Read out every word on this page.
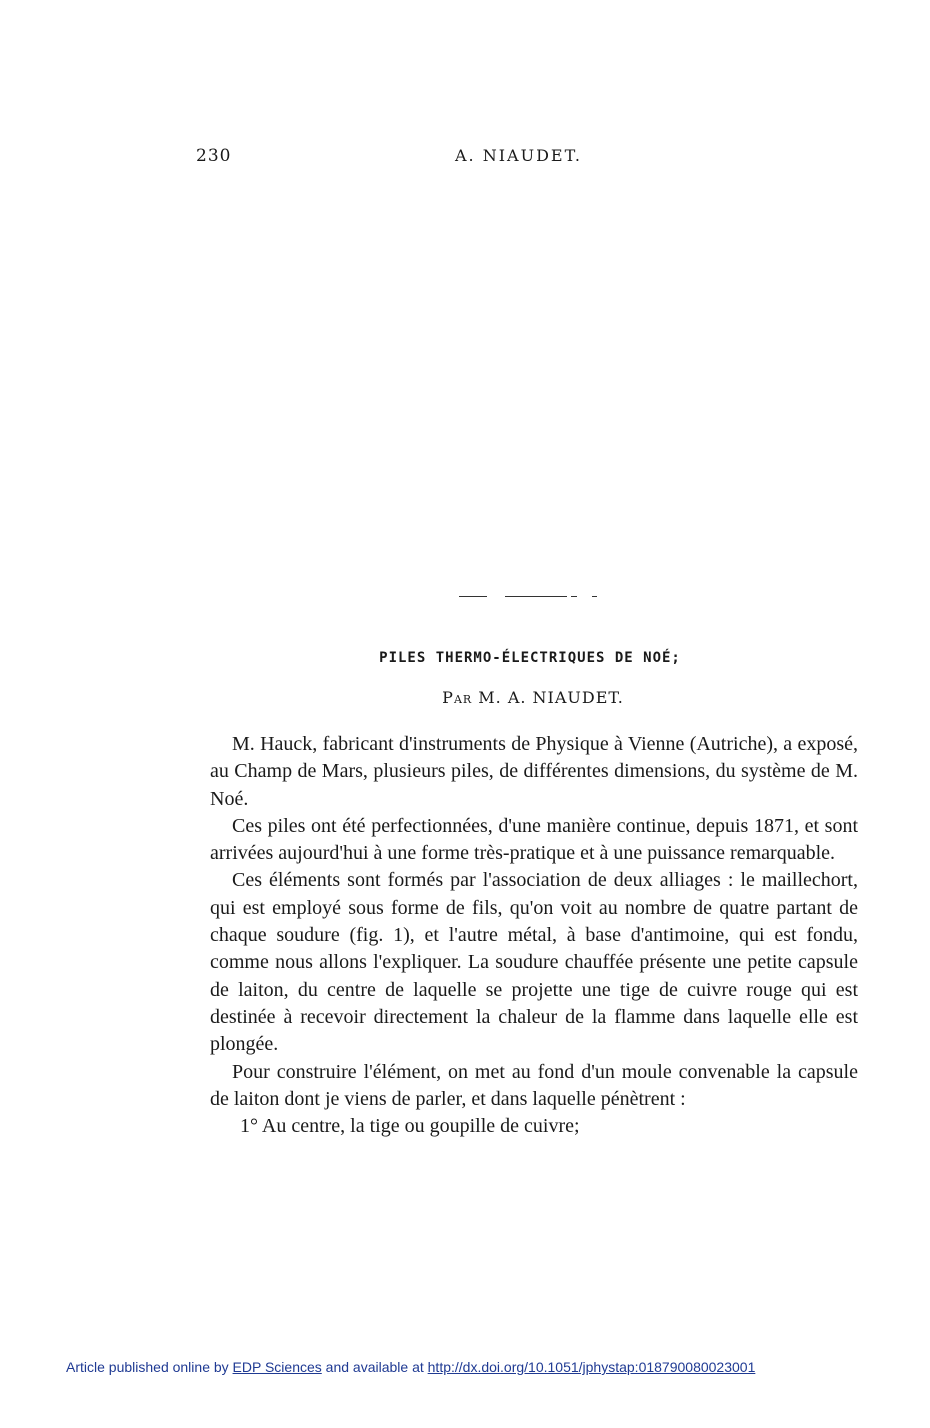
230	A. NIAUDET.
PILES THERMO-ÉLECTRIQUES DE NOÉ;
Par M. A. NIAUDET.

M. Hauck, fabricant d'instruments de Physique à Vienne (Autriche), a exposé, au Champ de Mars, plusieurs piles, de différentes dimensions, du système de M. Noé.

Ces piles ont été perfectionnées, d'une manière continue, depuis 1871, et sont arrivées aujourd'hui à une forme très-pratique et à une puissance remarquable.

Ces éléments sont formés par l'association de deux alliages : le maillechort, qui est employé sous forme de fils, qu'on voit au nombre de quatre partant de chaque soudure (fig. 1), et l'autre métal, à base d'antimoine, qui est fondu, comme nous allons l'expliquer. La soudure chauffée présente une petite capsule de laiton, du centre de laquelle se projette une tige de cuivre rouge qui est destinée à recevoir directement la chaleur de la flamme dans laquelle elle est plongée.

Pour construire l'élément, on met au fond d'un moule convenable la capsule de laiton dont je viens de parler, et dans laquelle pénètrent :

1° Au centre, la tige ou goupille de cuivre;

Article published online by EDP Sciences and available at http://dx.doi.org/10.1051/jphystap:018790080023001
